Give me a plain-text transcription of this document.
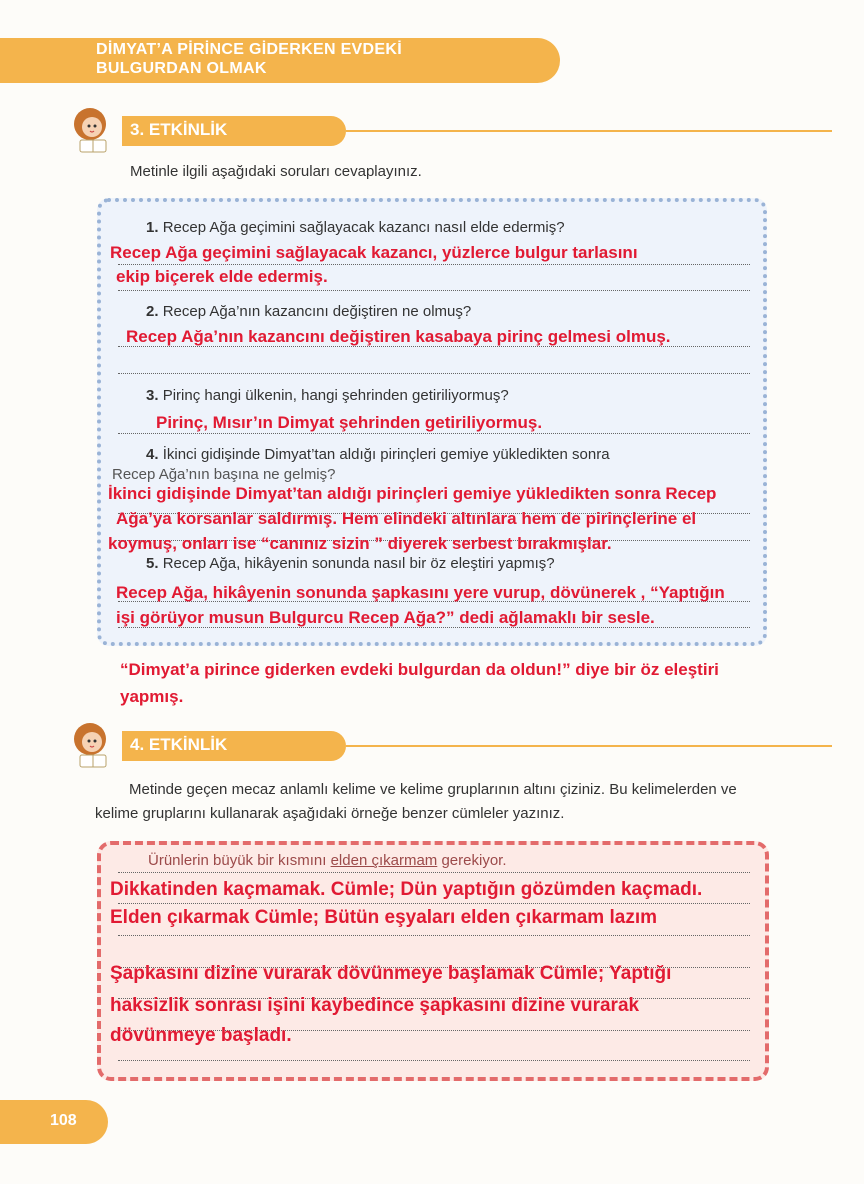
DİMYAT’A PİRİNCE GİDERKEN EVDEKİ
BULGURDAN OLMAK
3. ETKİNLİK
Metinle ilgili aşağıdaki soruları cevaplayınız.
1. Recep Ağa geçimini sağlayacak kazancı nasıl elde edermiş?
Recep Ağa geçimini sağlayacak kazancı, yüzlerce bulgur tarlasını
ekip biçerek elde edermiş.
2. Recep Ağa’nın kazancını değiştiren ne olmuş?
Recep Ağa’nın kazancını değiştiren kasabaya pirinç gelmesi olmuş.
3. Pirinç hangi ülkenin, hangi şehrinden getiriliyormuş?
Pirinç, Mısır’ın Dimyat şehrinden getiriliyormuş.
4. İkinci gidişinde Dimyat’tan aldığı pirinçleri gemiye yükledikten sonra
Recep Ağa’nın başına ne gelmiş?
İkinci gidişinde Dimyat’tan aldığı pirinçleri gemiye yükledikten sonra Recep
Ağa’ya korsanlar saldırmış. Hem elindeki altınlara hem de pirinçlerine el
koymuş, onları ise “canınız sizin ” diyerek serbest bırakmışlar.
5. Recep Ağa, hikâyenin sonunda nasıl bir öz eleştiri yapmış?
Recep Ağa, hikâyenin sonunda şapkasını yere vurup, dövünerek , “Yaptığın
işi görüyor musun Bulgurcu Recep Ağa?” dedi ağlamaklı bir sesle.
“Dimyat’a pirince giderken evdeki bulgurdan da oldun!” diye bir öz eleştiri
yapmış.
4. ETKİNLİK
Metinde geçen mecaz anlamlı kelime ve kelime gruplarının altını çiziniz. Bu kelimelerden ve kelime gruplarını kullanarak aşağıdaki örneğe benzer cümleler yazınız.
Ürünlerin büyük bir kısmını elden çıkarmam gerekiyor.
Dikkatinden kaçmamak. Cümle; Dün yaptığın gözümden kaçmadı.
Elden çıkarmak Cümle; Bütün eşyaları elden çıkarmam lazım
Şapkasını dizine vurarak dövünmeye başlamak Cümle; Yaptığı
haksizlik sonrası işini kaybedince şapkasını dizine vurarak
dövünmeye başladı.
108
